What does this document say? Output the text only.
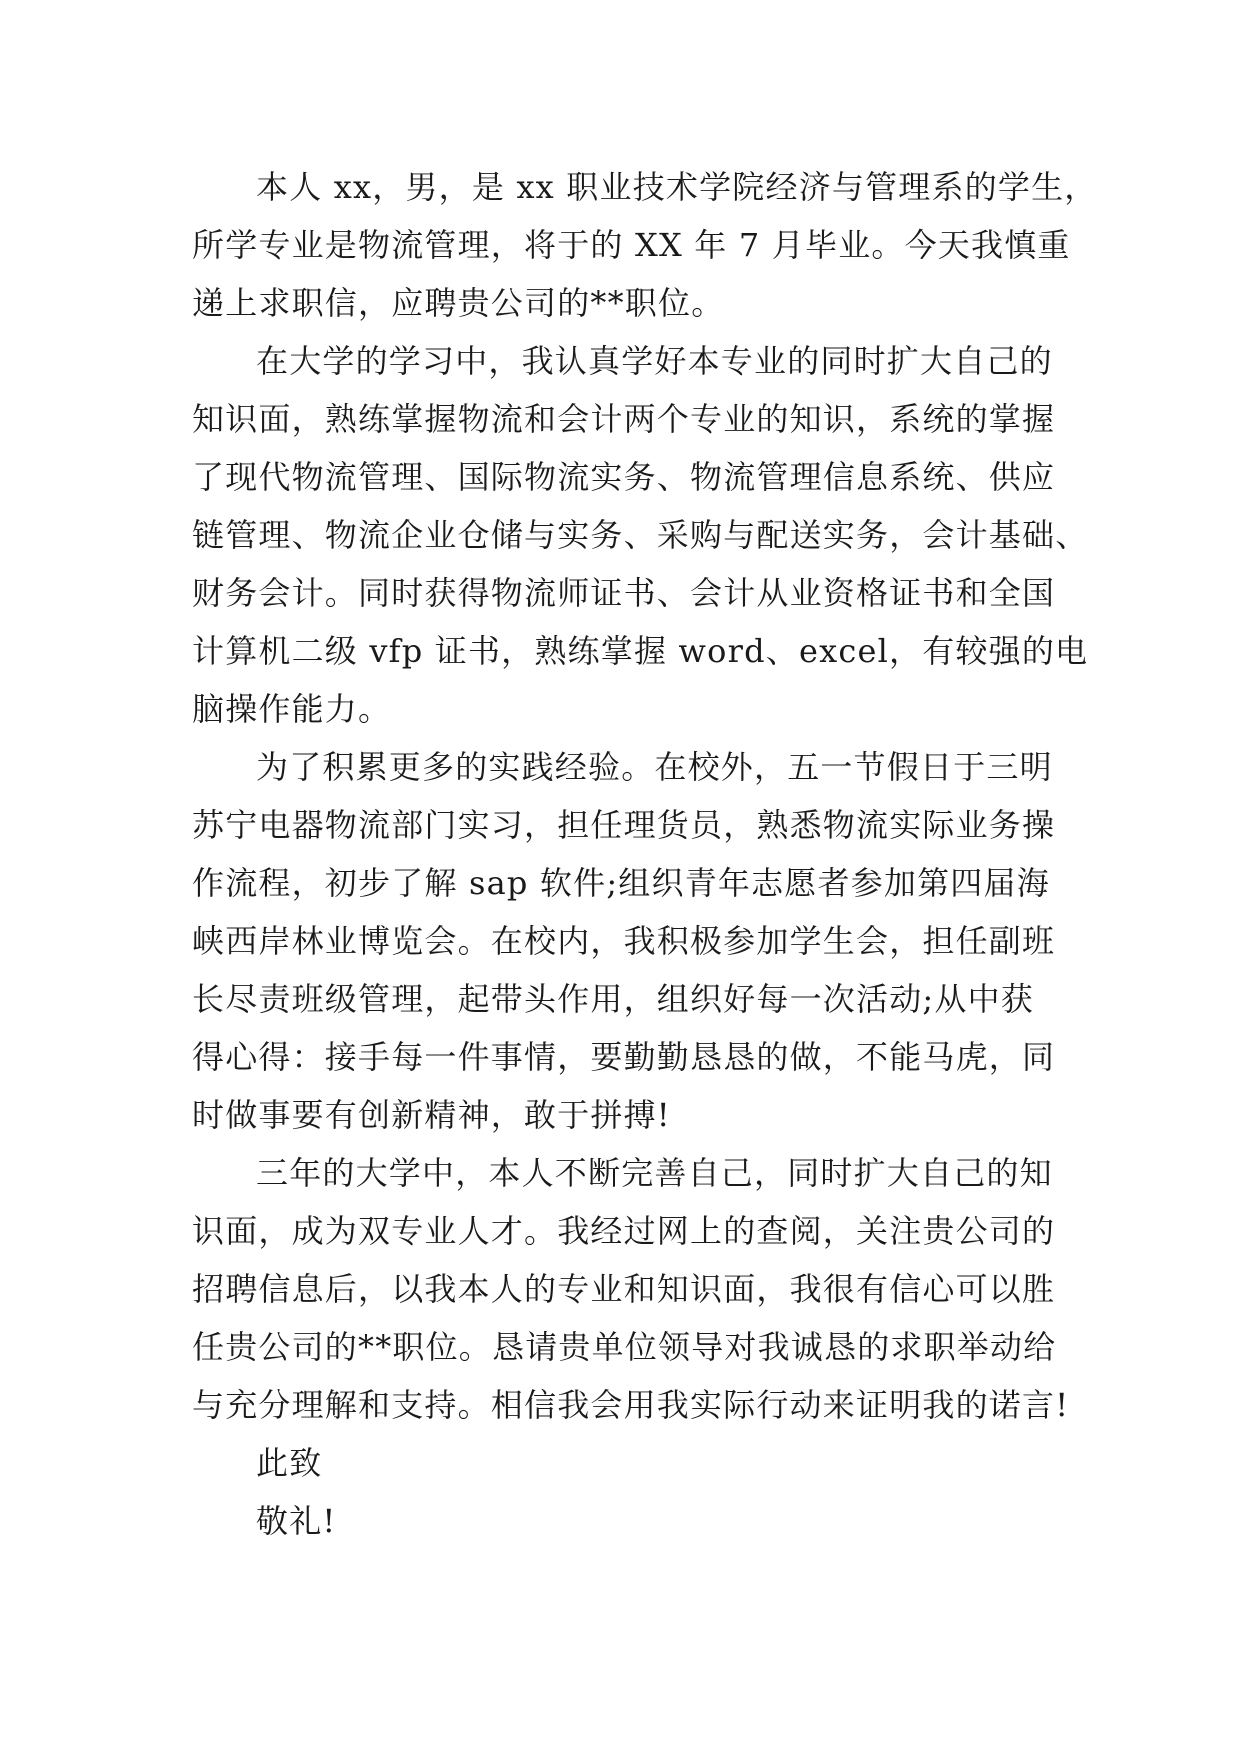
本人 xx，男，是 xx 职业技术学院经济与管理系的学生，
所学专业是物流管理，将于的 XX 年 7 月毕业。今天我慎重
递上求职信，应聘贵公司的**职位。
在大学的学习中，我认真学好本专业的同时扩大自己的
知识面，熟练掌握物流和会计两个专业的知识，系统的掌握
了现代物流管理、国际物流实务、物流管理信息系统、供应
链管理、物流企业仓储与实务、采购与配送实务，会计基础、
财务会计。同时获得物流师证书、会计从业资格证书和全国
计算机二级 vfp 证书，熟练掌握 word、excel，有较强的电
脑操作能力。
为了积累更多的实践经验。在校外，五一节假日于三明
苏宁电器物流部门实习，担任理货员，熟悉物流实际业务操
作流程，初步了解 sap 软件;组织青年志愿者参加第四届海
峡西岸林业博览会。在校内，我积极参加学生会，担任副班
长尽责班级管理，起带头作用，组织好每一次活动;从中获
得心得：接手每一件事情，要勤勤恳恳的做，不能马虎，同
时做事要有创新精神，敢于拼搏!
三年的大学中，本人不断完善自己，同时扩大自己的知
识面，成为双专业人才。我经过网上的查阅，关注贵公司的
招聘信息后，以我本人的专业和知识面，我很有信心可以胜
任贵公司的**职位。恳请贵单位领导对我诚恳的求职举动给
与充分理解和支持。相信我会用我实际行动来证明我的诺言!
此致
敬礼!
